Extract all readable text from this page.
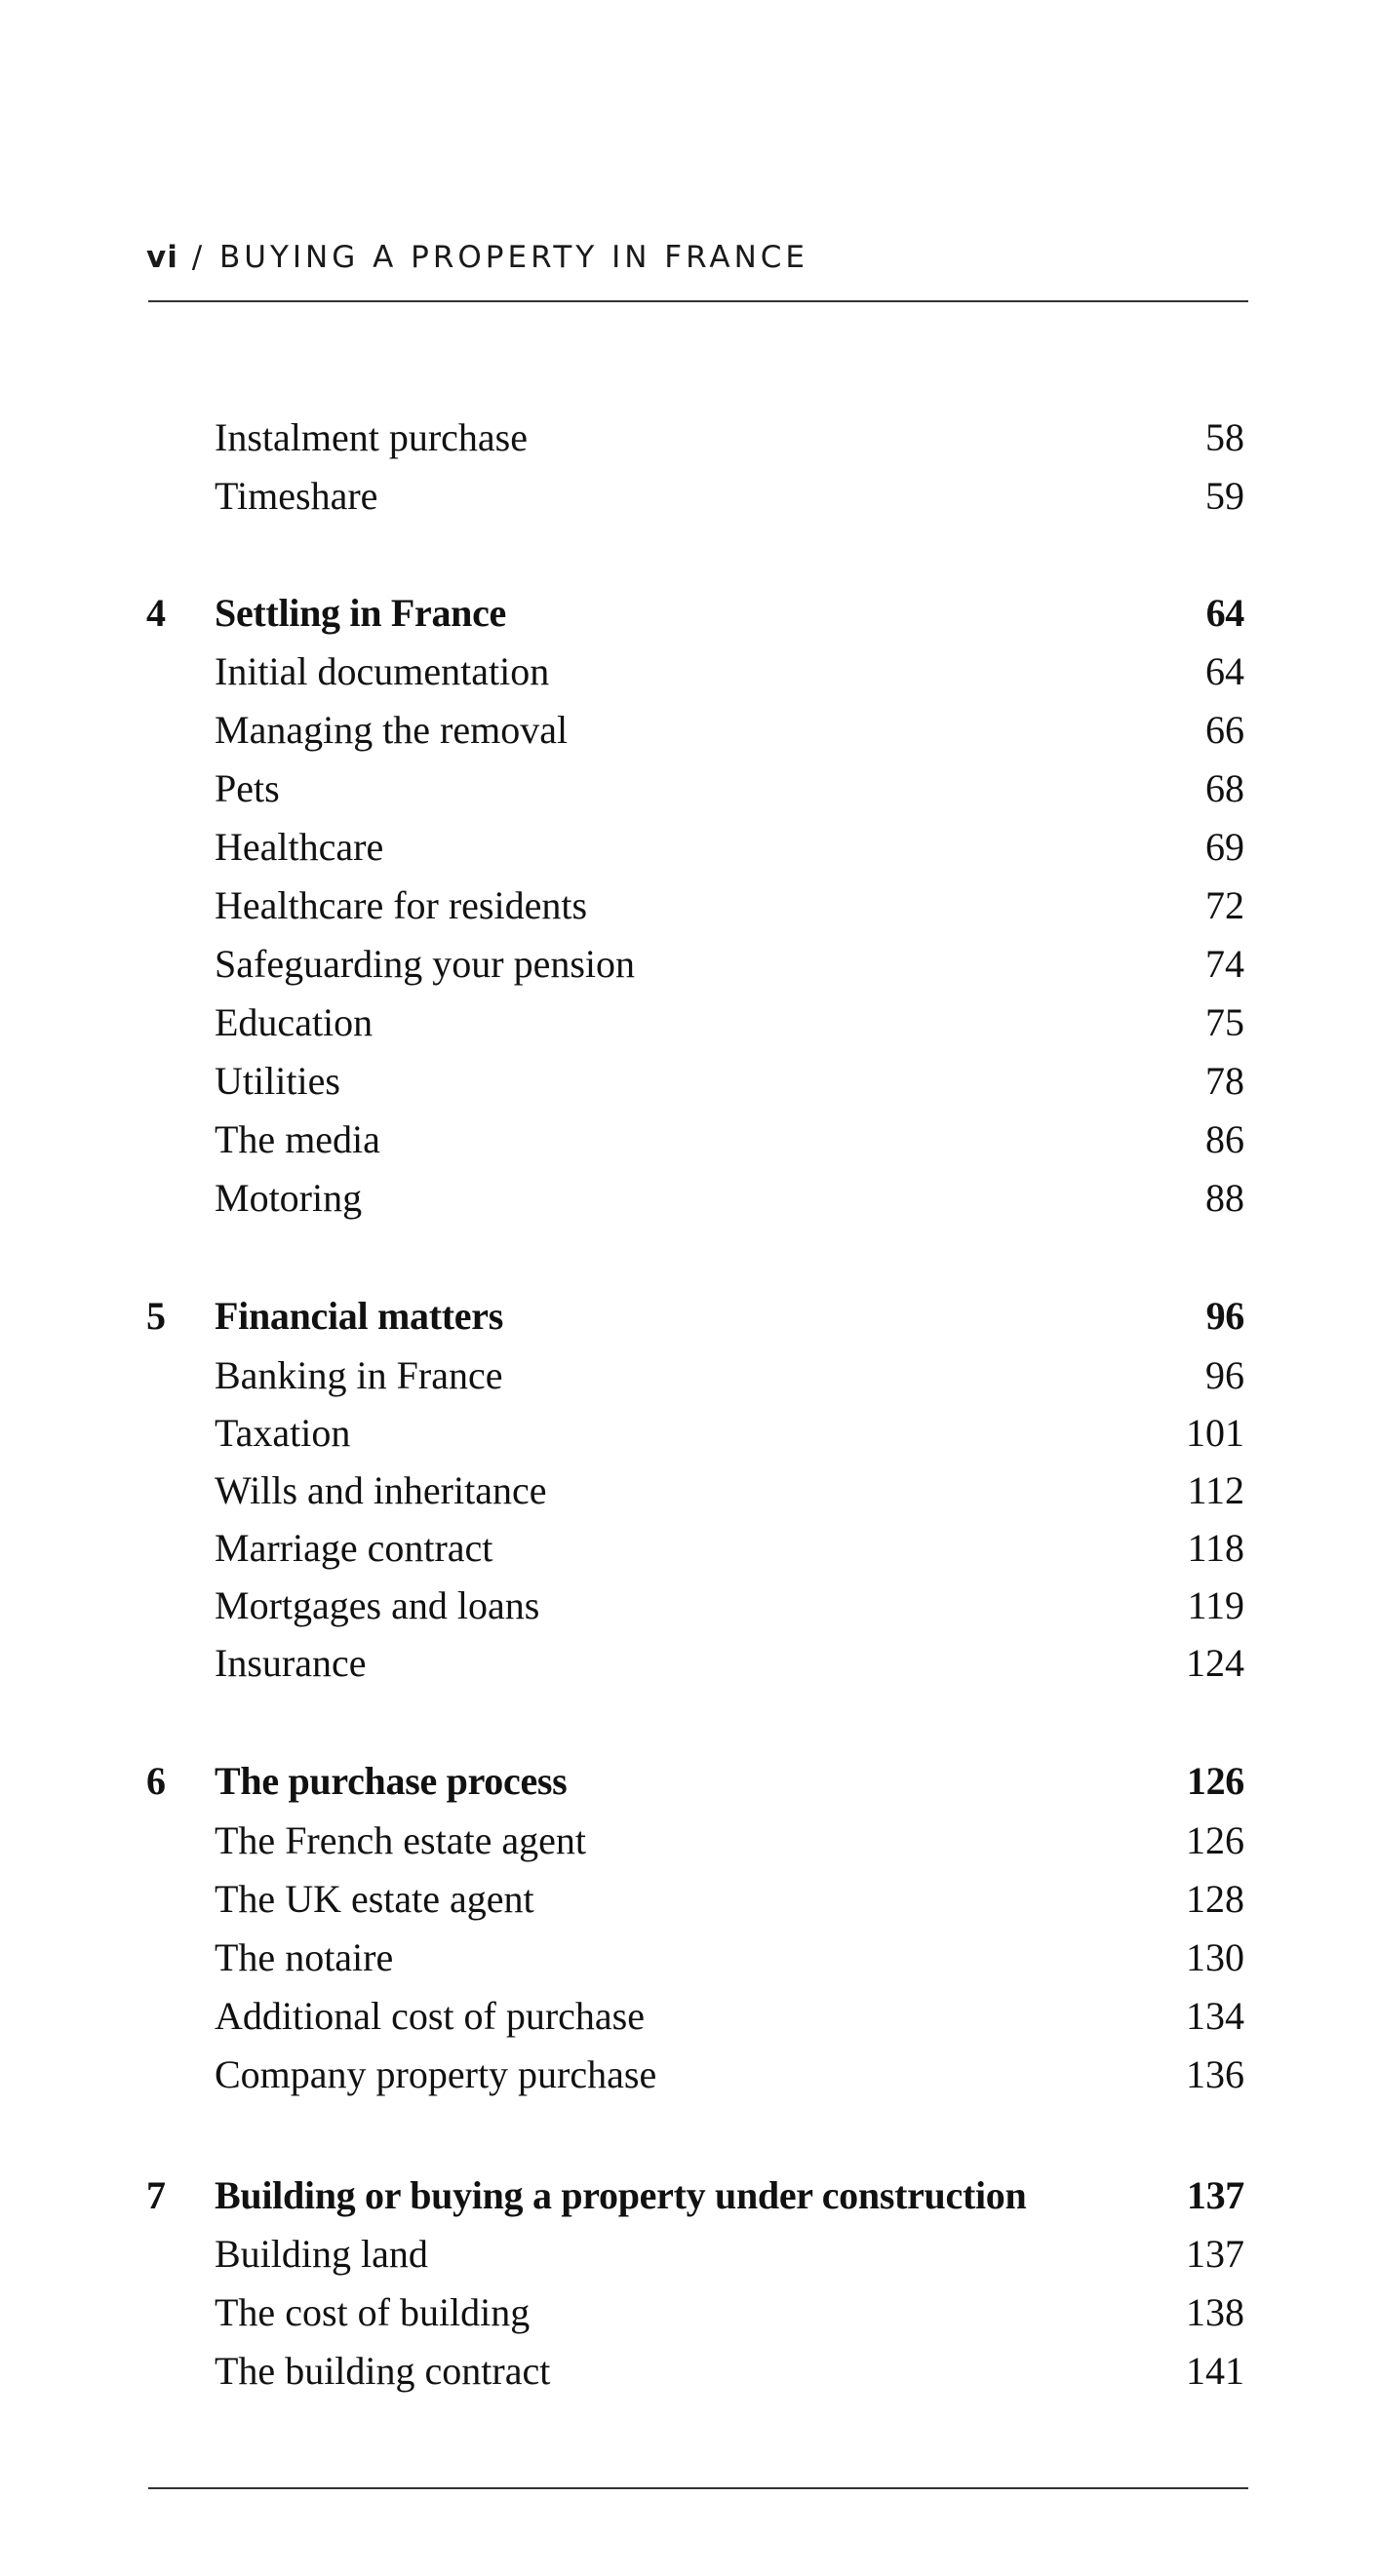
vi / BUYING A PROPERTY IN FRANCE
Instalment purchase	58
Timeshare	59
4 Settling in France	64
Initial documentation	64
Managing the removal	66
Pets	68
Healthcare	69
Healthcare for residents	72
Safeguarding your pension	74
Education	75
Utilities	78
The media	86
Motoring	88
5 Financial matters	96
Banking in France	96
Taxation	101
Wills and inheritance	112
Marriage contract	118
Mortgages and loans	119
Insurance	124
6 The purchase process	126
The French estate agent	126
The UK estate agent	128
The notaire	130
Additional cost of purchase	134
Company property purchase	136
7 Building or buying a property under construction	137
Building land	137
The cost of building	138
The building contract	141
